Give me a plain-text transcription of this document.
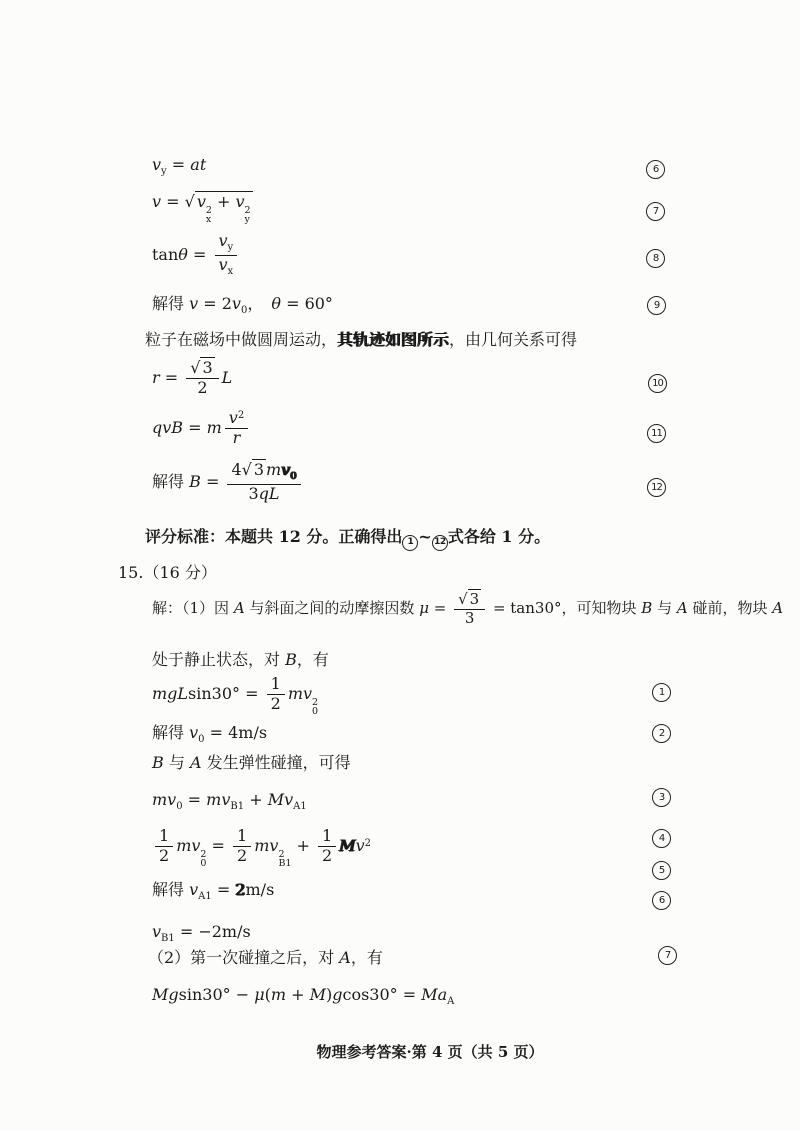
$v_y$ = at
v = √ v 2
x
+ v 2
y
$\tan\theta = \frac{v_y}{v_x}$
解得 $v = 2v_0$， θ = 60°
粒子在磁场中做圆周运动，其轨迹如图所示，由几何关系可得
$r = \frac{√ 3}{2}$ L
qvB = m $\frac{v^2}{r}$
解得 $B = \frac{4√ 3 mv_0}{3qL}$
评分标准：本题共 12 分。正确得出 1 ~ 12 式各给 1 分。
15.（16 分）
解：（1）因 A 与斜面之间的动摩擦因数 $\mu = \frac{√ 3}{3} = \tan 30^\circ$，可知物块 B 与 A 碰前，物块 A
处于静止状态，对 B，有
$mgLsin30^\circ = \frac{1}{2}$ mv 2
0
解得 $v_0 = 4m/s$
B 与 A 发生弹性碰撞，可得
$mv_0 = mv_{B1} + Mv_{A1}$
$\frac{1}{2}$ mv 2
0
= $\frac{1}{2}$ mv 2
B1
+ $\frac{1}{2} Mv^2$
解得 $v_{A1} = 2m/s$
$v_{B1} = -2m/s$
（2）第一次碰撞之后，对 A，有
$Mgsin30^\circ - \mu(m + M)gcos30^\circ = Ma_A$
6
7
8
9
10
11
12
1
2
3
4
5
6
7
物理参考答案·第 4 页（共 5 页）
